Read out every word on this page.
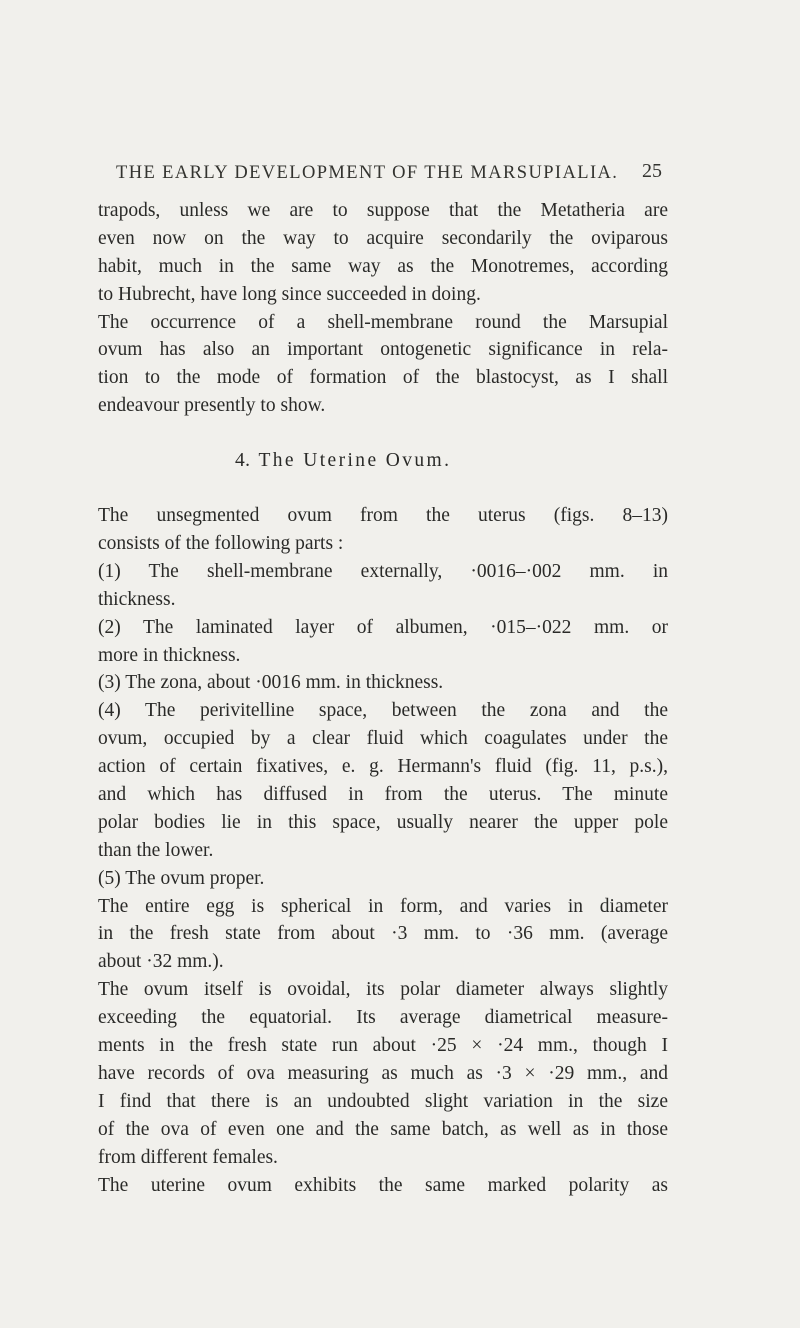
THE EARLY DEVELOPMENT OF THE MARSUPIALIA.	25
trapods, unless we are to suppose that the Metatheria are
even now on the way to acquire secondarily the oviparous
habit, much in the same way as the Monotremes, according
to Hubrecht, have long since succeeded in doing.
The occurrence of a shell-membrane round the Marsupial
ovum has also an important ontogenetic significance in rela-
tion to the mode of formation of the blastocyst, as I shall
endeavour presently to show.
4. The Uterine Ovum.
The unsegmented ovum from the uterus (figs. 8–13)
consists of the following parts :
(1) The shell-membrane externally, ·0016–·002 mm. in
thickness.
(2) The laminated layer of albumen, ·015–·022 mm. or
more in thickness.
(3) The zona, about ·0016 mm. in thickness.
(4) The perivitelline space, between the zona and the
ovum, occupied by a clear fluid which coagulates under the
action of certain fixatives, e. g. Hermann's fluid (fig. 11, p.s.),
and which has diffused in from the uterus. The minute
polar bodies lie in this space, usually nearer the upper pole
than the lower.
(5) The ovum proper.
The entire egg is spherical in form, and varies in diameter
in the fresh state from about ·3 mm. to ·36 mm. (average
about ·32 mm.).
The ovum itself is ovoidal, its polar diameter always slightly
exceeding the equatorial. Its average diametrical measure-
ments in the fresh state run about ·25 × ·24 mm., though I
have records of ova measuring as much as ·3 × ·29 mm., and
I find that there is an undoubted slight variation in the size
of the ova of even one and the same batch, as well as in those
from different females.
The uterine ovum exhibits the same marked polarity as
